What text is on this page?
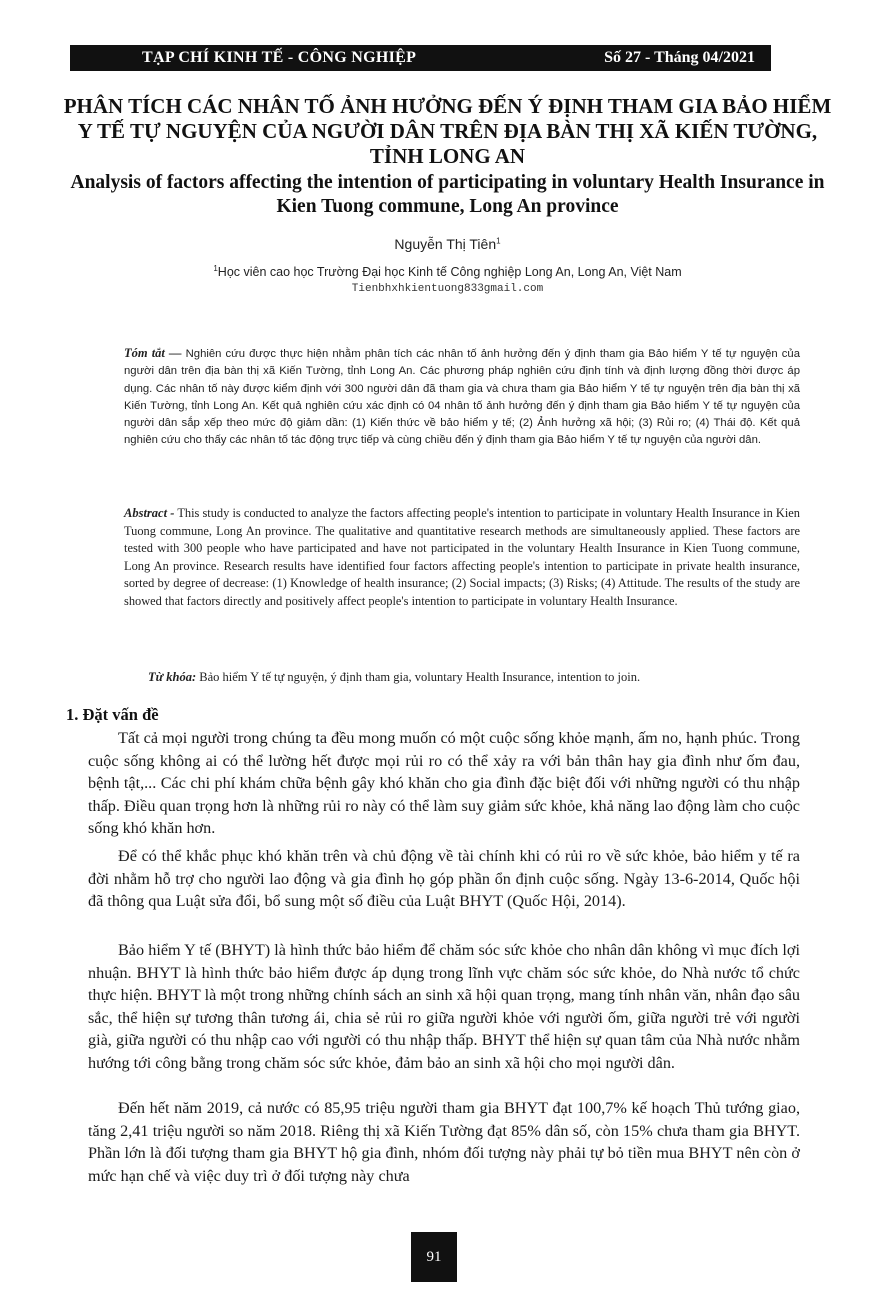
TẠP CHÍ KINH TẾ - CÔNG NGHIỆP	Số 27 - Tháng 04/2021
PHÂN TÍCH CÁC NHÂN TỐ ẢNH HƯỞNG ĐẾN Ý ĐỊNH THAM GIA BẢO HIỂM Y TẾ TỰ NGUYỆN CỦA NGƯỜI DÂN TRÊN ĐỊA BÀN THỊ XÃ KIẾN TƯỜNG, TỈNH LONG AN
Analysis of factors affecting the intention of participating in voluntary Health Insurance in Kien Tuong commune, Long An province
Nguyễn Thị Tiên$^1$
$^1$Học viên cao học Trường Đại học Kinh tế Công nghiệp Long An, Long An, Việt Nam
Tienbhxhkientuong833gmail.com
Tóm tắt — Nghiên cứu được thực hiện nhằm phân tích các nhân tố ảnh hưởng đến ý định tham gia Bảo hiểm Y tế tự nguyện của người dân trên địa bàn thị xã Kiến Tường, tỉnh Long An. Các phương pháp nghiên cứu định tính và định lượng đồng thời được áp dụng. Các nhân tố này được kiểm định với 300 người dân đã tham gia và chưa tham gia Bảo hiểm Y tế tự nguyện trên địa bàn thị xã Kiến Tường, tỉnh Long An. Kết quả nghiên cứu xác định có 04 nhân tố ảnh hưởng đến ý định tham gia Bảo hiểm Y tế tự nguyện của người dân sắp xếp theo mức độ giảm dần: (1) Kiến thức về bảo hiểm y tế; (2) Ảnh hưởng xã hội; (3) Rủi ro; (4) Thái độ. Kết quả nghiên cứu cho thấy các nhân tố tác động trực tiếp và cùng chiều đến ý định tham gia Bảo hiểm Y tế tự nguyện của người dân.
Abstract - This study is conducted to analyze the factors affecting people's intention to participate in voluntary Health Insurance in Kien Tuong commune, Long An province. The qualitative and quantitative research methods are simultaneously applied. These factors are tested with 300 people who have participated and have not participated in the voluntary Health Insurance in Kien Tuong commune, Long An province. Research results have identified four factors affecting people's intention to participate in private health insurance, sorted by degree of decrease: (1) Knowledge of health insurance; (2) Social impacts; (3) Risks; (4) Attitude. The results of the study are showed that factors directly and positively affect people's intention to participate in voluntary Health Insurance.
Từ khóa: Bảo hiểm Y tế tự nguyện, ý định tham gia, voluntary Health Insurance, intention to join.
1. Đặt vấn đề

Tất cả mọi người trong chúng ta đều mong muốn có một cuộc sống khỏe mạnh, ấm no, hạnh phúc. Trong cuộc sống không ai có thể lường hết được mọi rủi ro có thể xảy ra với bản thân hay gia đình như ốm đau, bệnh tật,... Các chi phí khám chữa bệnh gây khó khăn cho gia đình đặc biệt đối với những người có thu nhập thấp. Điều quan trọng hơn là những rủi ro này có thể làm suy giảm sức khỏe, khả năng lao động làm cho cuộc sống khó khăn hơn.

Để có thể khắc phục khó khăn trên và chủ động về tài chính khi có rủi ro về sức khỏe, bảo hiểm y tế ra đời nhằm hỗ trợ cho người lao động và gia đình họ góp phần ổn định cuộc sống. Ngày 13-6-2014, Quốc hội đã thông qua Luật sửa đổi, bổ sung một số điều của Luật BHYT (Quốc Hội, 2014).

Bảo hiểm Y tế (BHYT) là hình thức bảo hiểm để chăm sóc sức khỏe cho nhân dân không vì mục đích lợi nhuận. BHYT là hình thức bảo hiểm được áp dụng trong lĩnh vực chăm sóc sức khỏe, do Nhà nước tổ chức thực hiện. BHYT là một trong những chính sách an sinh xã hội quan trọng, mang tính nhân văn, nhân đạo sâu sắc, thể hiện sự tương thân tương ái, chia sẻ rủi ro giữa người khỏe với người ốm, giữa người trẻ với người già, giữa người có thu nhập cao với người có thu nhập thấp. BHYT thể hiện sự quan tâm của Nhà nước nhằm hướng tới công bằng trong chăm sóc sức khỏe, đảm bảo an sinh xã hội cho mọi người dân.

Đến hết năm 2019, cả nước có 85,95 triệu người tham gia BHYT đạt 100,7% kế hoạch Thủ tướng giao, tăng 2,41 triệu người so năm 2018. Riêng thị xã Kiến Tường đạt 85% dân số, còn 15% chưa tham gia BHYT. Phần lớn là đối tượng tham gia BHYT hộ gia đình, nhóm đối tượng này phải tự bỏ tiền mua BHYT nên còn ở mức hạn chế và việc duy trì ở đối tượng này chưa

91
